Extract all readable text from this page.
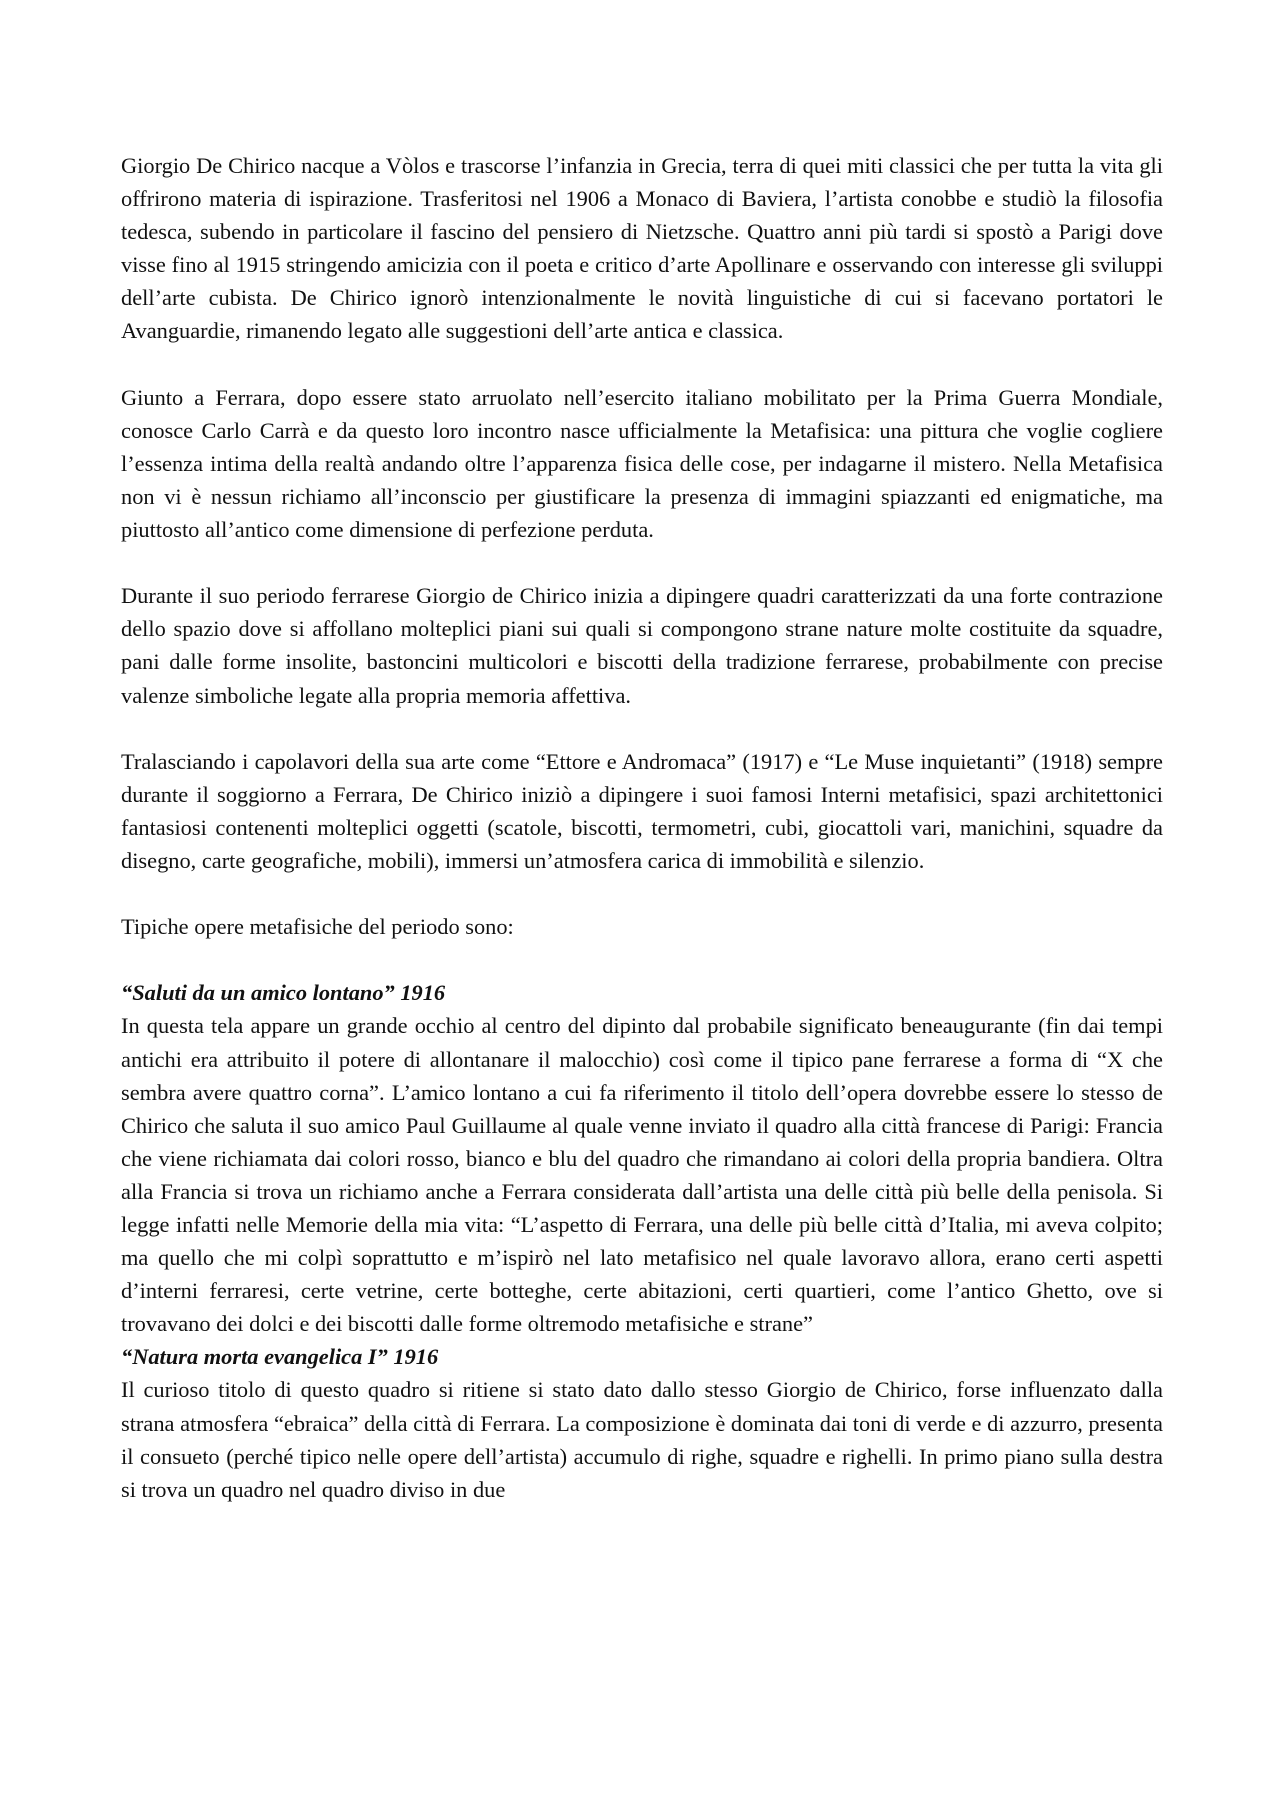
Giorgio De Chirico nacque a Vòlos e trascorse l’infanzia in Grecia, terra di quei miti classici che per tutta la vita gli offrirono materia di ispirazione. Trasferitosi nel 1906 a Monaco di Baviera, l’artista conobbe e studiò la filosofia tedesca, subendo in particolare il fascino del pensiero di Nietzsche. Quattro anni più tardi si spostò a Parigi dove visse fino al 1915 stringendo amicizia con il poeta e critico d’arte Apollinare e osservando con interesse gli sviluppi dell’arte cubista. De Chirico ignorò intenzionalmente le novità linguistiche di cui si facevano portatori le Avanguardie, rimanendo legato alle suggestioni dell’arte antica e classica.

Giunto a Ferrara, dopo essere stato arruolato nell’esercito italiano mobilitato per la Prima Guerra Mondiale, conosce Carlo Carrà e da questo loro incontro nasce ufficialmente la Metafisica: una pittura che voglie cogliere l’essenza intima della realtà andando oltre l’apparenza fisica delle cose, per indagarne il mistero. Nella Metafisica non vi è nessun richiamo all’inconscio per giustificare la presenza di immagini spiazzanti ed enigmatiche, ma piuttosto all’antico come dimensione di perfezione perduta.

Durante il suo periodo ferrarese Giorgio de Chirico inizia a dipingere quadri caratterizzati da una forte contrazione dello spazio dove si affollano molteplici piani sui quali si compongono strane nature molte costituite da squadre, pani dalle forme insolite, bastoncini multicolori e biscotti della tradizione ferrarese, probabilmente con precise valenze simboliche legate alla propria memoria affettiva.

Tralasciando i capolavori della sua arte come “Ettore e Andromaca” (1917) e “Le Muse inquietanti” (1918) sempre durante il soggiorno a Ferrara, De Chirico iniziò a dipingere i suoi famosi Interni metafisici, spazi architettonici fantasiosi contenenti molteplici oggetti (scatole, biscotti, termometri, cubi, giocattoli vari, manichini, squadre da disegno, carte geografiche, mobili), immersi un’atmosfera carica di immobilità e silenzio.

Tipiche opere metafisiche del periodo sono:

“Saluti da un amico lontano” 1916

In questa tela appare un grande occhio al centro del dipinto dal probabile significato beneaugurante (fin dai tempi antichi era attribuito il potere di allontanare il malocchio) così come il tipico pane ferrarese a forma di “X che sembra avere quattro corna”. L’amico lontano a cui fa riferimento il titolo dell’opera dovrebbe essere lo stesso de Chirico che saluta il suo amico Paul Guillaume al quale venne inviato il quadro alla città francese di Parigi: Francia che viene richiamata dai colori rosso, bianco e blu del quadro che rimandano ai colori della propria bandiera. Oltra alla Francia si trova un richiamo anche a Ferrara considerata dall’artista una delle città più belle della penisola. Si legge infatti nelle Memorie della mia vita: “L’aspetto di Ferrara, una delle più belle città d’Italia, mi aveva colpito; ma quello che mi colpì soprattutto e m’ispirò nel lato metafisico nel quale lavoravo allora, erano certi aspetti d’interni ferraresi, certe vetrine, certe botteghe, certe abitazioni, certi quartieri, come l’antico Ghetto, ove si trovavano dei dolci e dei biscotti dalle forme oltremodo metafisiche e strane”

“Natura morta evangelica I” 1916

Il curioso titolo di questo quadro si ritiene si stato dato dallo stesso Giorgio de Chirico, forse influenzato dalla strana atmosfera “ebraica” della città di Ferrara. La composizione è dominata dai toni di verde e di azzurro, presenta il consueto (perché tipico nelle opere dell’artista) accumulo di righe, squadre e righelli. In primo piano sulla destra si trova un quadro nel quadro diviso in due
